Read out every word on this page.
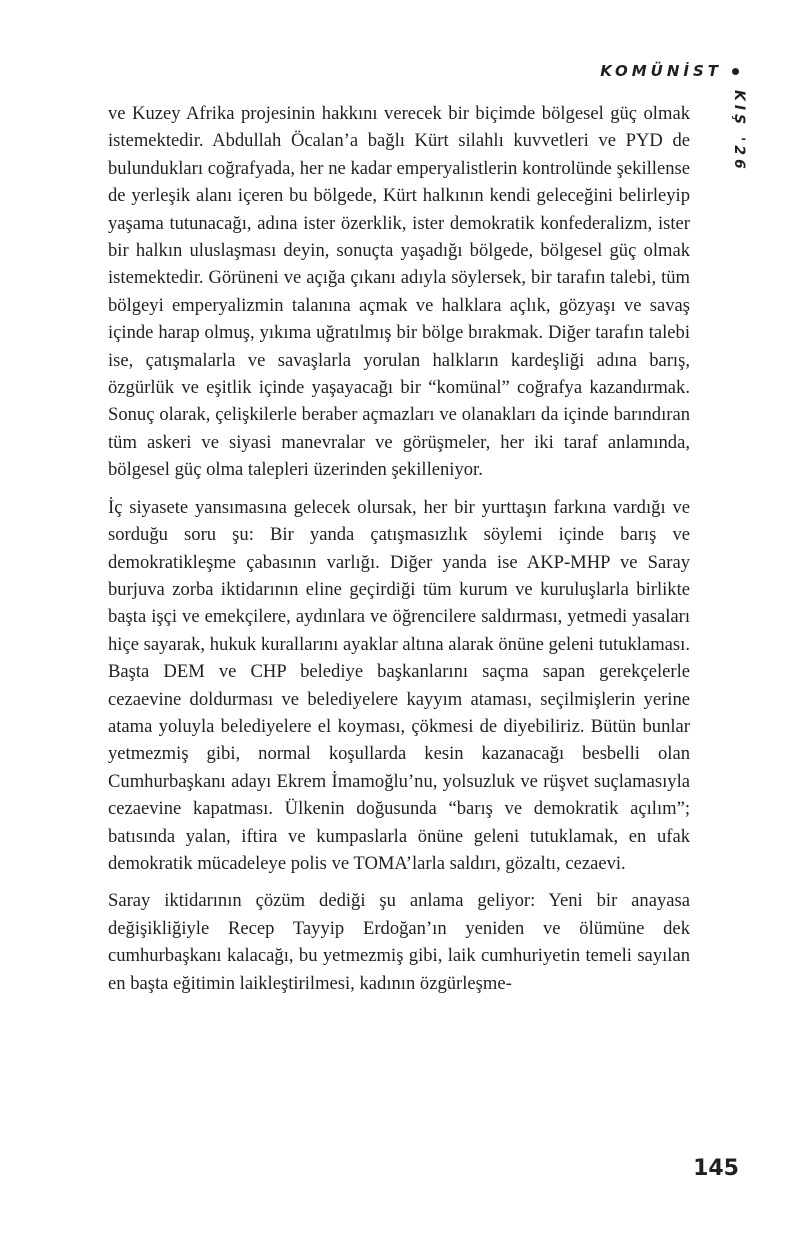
KOMÜNİST
KIŞ '26

ve Kuzey Afrika projesinin hakkını verecek bir biçimde bölgesel güç olmak istemektedir. Abdullah Öcalan’a bağlı Kürt silahlı kuvvetleri ve PYD de bulundukları coğrafyada, her ne kadar emperyalistlerin kontrolünde şekillense de yerleşik alanı içeren bu bölgede, Kürt halkının kendi geleceğini belirleyip yaşama tutunacağı, adına ister özerklik, ister demokratik konfederalizm, ister bir halkın uluslaşması deyin, sonuçta yaşadığı bölgede, bölgesel güç olmak istemektedir. Görüneni ve açığa çıkanı adıyla söylersek, bir tarafın talebi, tüm bölgeyi emperyalizmin talanına açmak ve halklara açlık, gözyaşı ve savaş içinde harap olmuş, yıkıma uğratılmış bir bölge bırakmak. Diğer tarafın talebi ise, çatışmalarla ve savaşlarla yorulan halkların kardeşliği adına barış, özgürlük ve eşitlik içinde yaşayacağı bir “komünal” coğrafya kazandırmak. Sonuç olarak, çelişkilerle beraber açmazları ve olanakları da içinde barındıran tüm askeri ve siyasi manevralar ve görüşmeler, her iki taraf anlamında, bölgesel güç olma talepleri üzerinden şekilleniyor.

İç siyasete yansımasına gelecek olursak, her bir yurttaşın farkına vardığı ve sorduğu soru şu: Bir yanda çatışmasızlık söylemi içinde barış ve demokratikleşme çabasının varlığı. Diğer yanda ise AKP-MHP ve Saray burjuva zorba iktidarının eline geçirdiği tüm kurum ve kuruluşlarla birlikte başta işçi ve emekçilere, aydınlara ve öğrencilere saldırması, yetmedi yasaları hiçe sayarak, hukuk kurallarını ayaklar altına alarak önüne geleni tutuklaması. Başta DEM ve CHP belediye başkanlarını saçma sapan gerekçelerle cezaevine doldurması ve belediyelere kayyım ataması, seçilmişlerin yerine atama yoluyla belediyelere el koyması, çökmesi de diyebiliriz. Bütün bunlar yetmezmiş gibi, normal koşullarda kesin kazanacağı besbelli olan Cumhurbaşkanı adayı Ekrem İmamoğlu’nu, yolsuzluk ve rüşvet suçlamasıyla cezaevine kapatması. Ülkenin doğusunda “barış ve demokratik açılım”; batısında yalan, iftira ve kumpaslarla önüne geleni tutuklamak, en ufak demokratik mücadeleye polis ve TOMA’larla saldırı, gözaltı, cezaevi.

Saray iktidarının çözüm dediği şu anlama geliyor: Yeni bir anayasa değişikliğiyle Recep Tayyip Erdoğan’ın yeniden ve ölümüne dek cumhurbaşkanı kalacağı, bu yetmezmiş gibi, laik cumhuriyetin temeli sayılan en başta eğitimin laikleştirilmesi, kadının özgürleşme-

145
